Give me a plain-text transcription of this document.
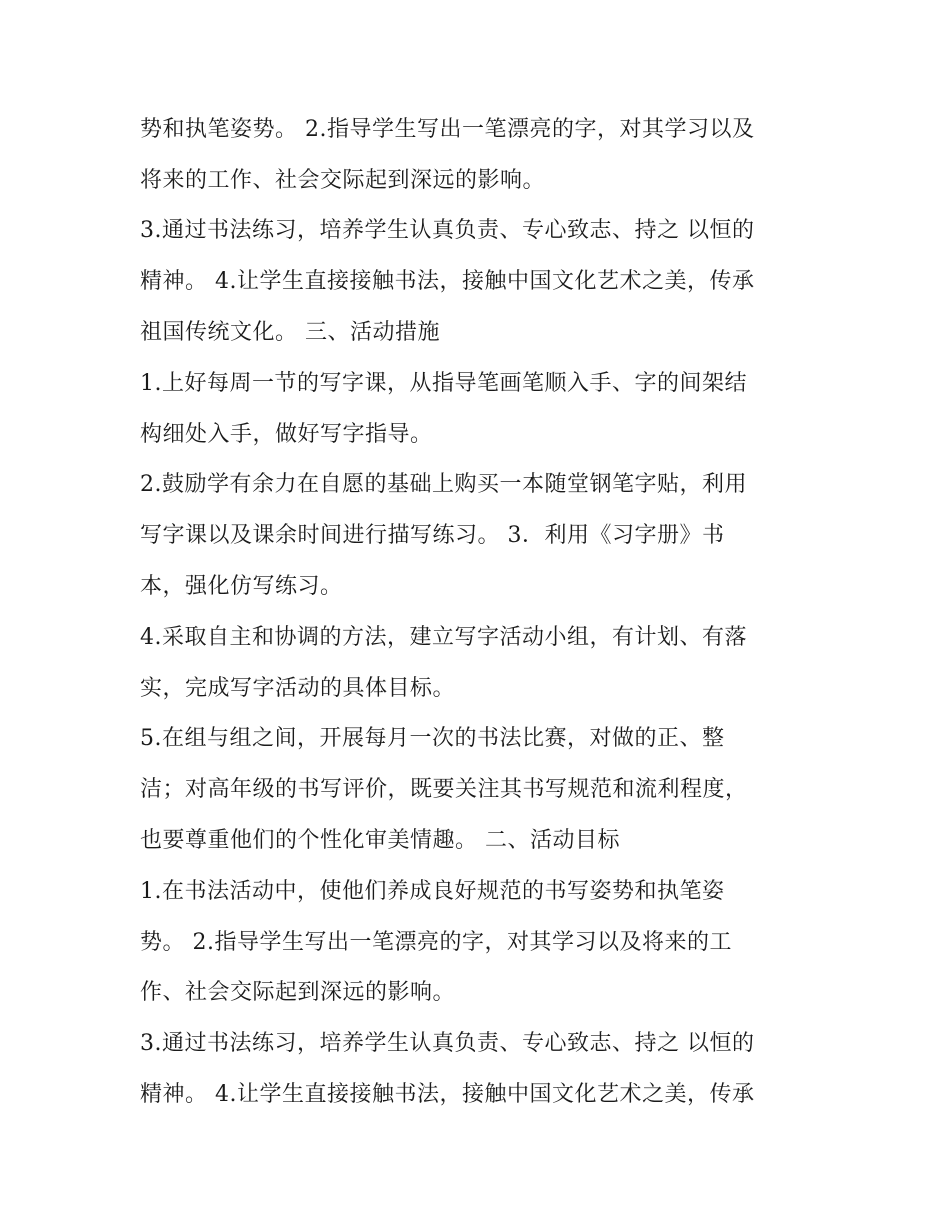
势和执笔姿势。 2.指导学生写出一笔漂亮的字，对其学习以及
将来的工作、社会交际起到深远的影响。
3.通过书法练习，培养学生认真负责、专心致志、持之 以恒的
精神。 4.让学生直接接触书法，接触中国文化艺术之美，传承
祖国传统文化。 三、活动措施
1.上好每周一节的写字课，从指导笔画笔顺入手、字的间架结
构细处入手，做好写字指导。
2.鼓励学有余力在自愿的基础上购买一本随堂钢笔字贴，利用
写字课以及课余时间进行描写练习。 3．利用《习字册》书
本，强化仿写练习。
4.采取自主和协调的方法，建立写字活动小组，有计划、有落
实，完成写字活动的具体目标。
5.在组与组之间，开展每月一次的书法比赛，对做的正、整
洁；对高年级的书写评价，既要关注其书写规范和流利程度，
也要尊重他们的个性化审美情趣。 二、活动目标
1.在书法活动中，使他们养成良好规范的书写姿势和执笔姿
势。 2.指导学生写出一笔漂亮的字，对其学习以及将来的工
作、社会交际起到深远的影响。
3.通过书法练习，培养学生认真负责、专心致志、持之 以恒的
精神。 4.让学生直接接触书法，接触中国文化艺术之美，传承
